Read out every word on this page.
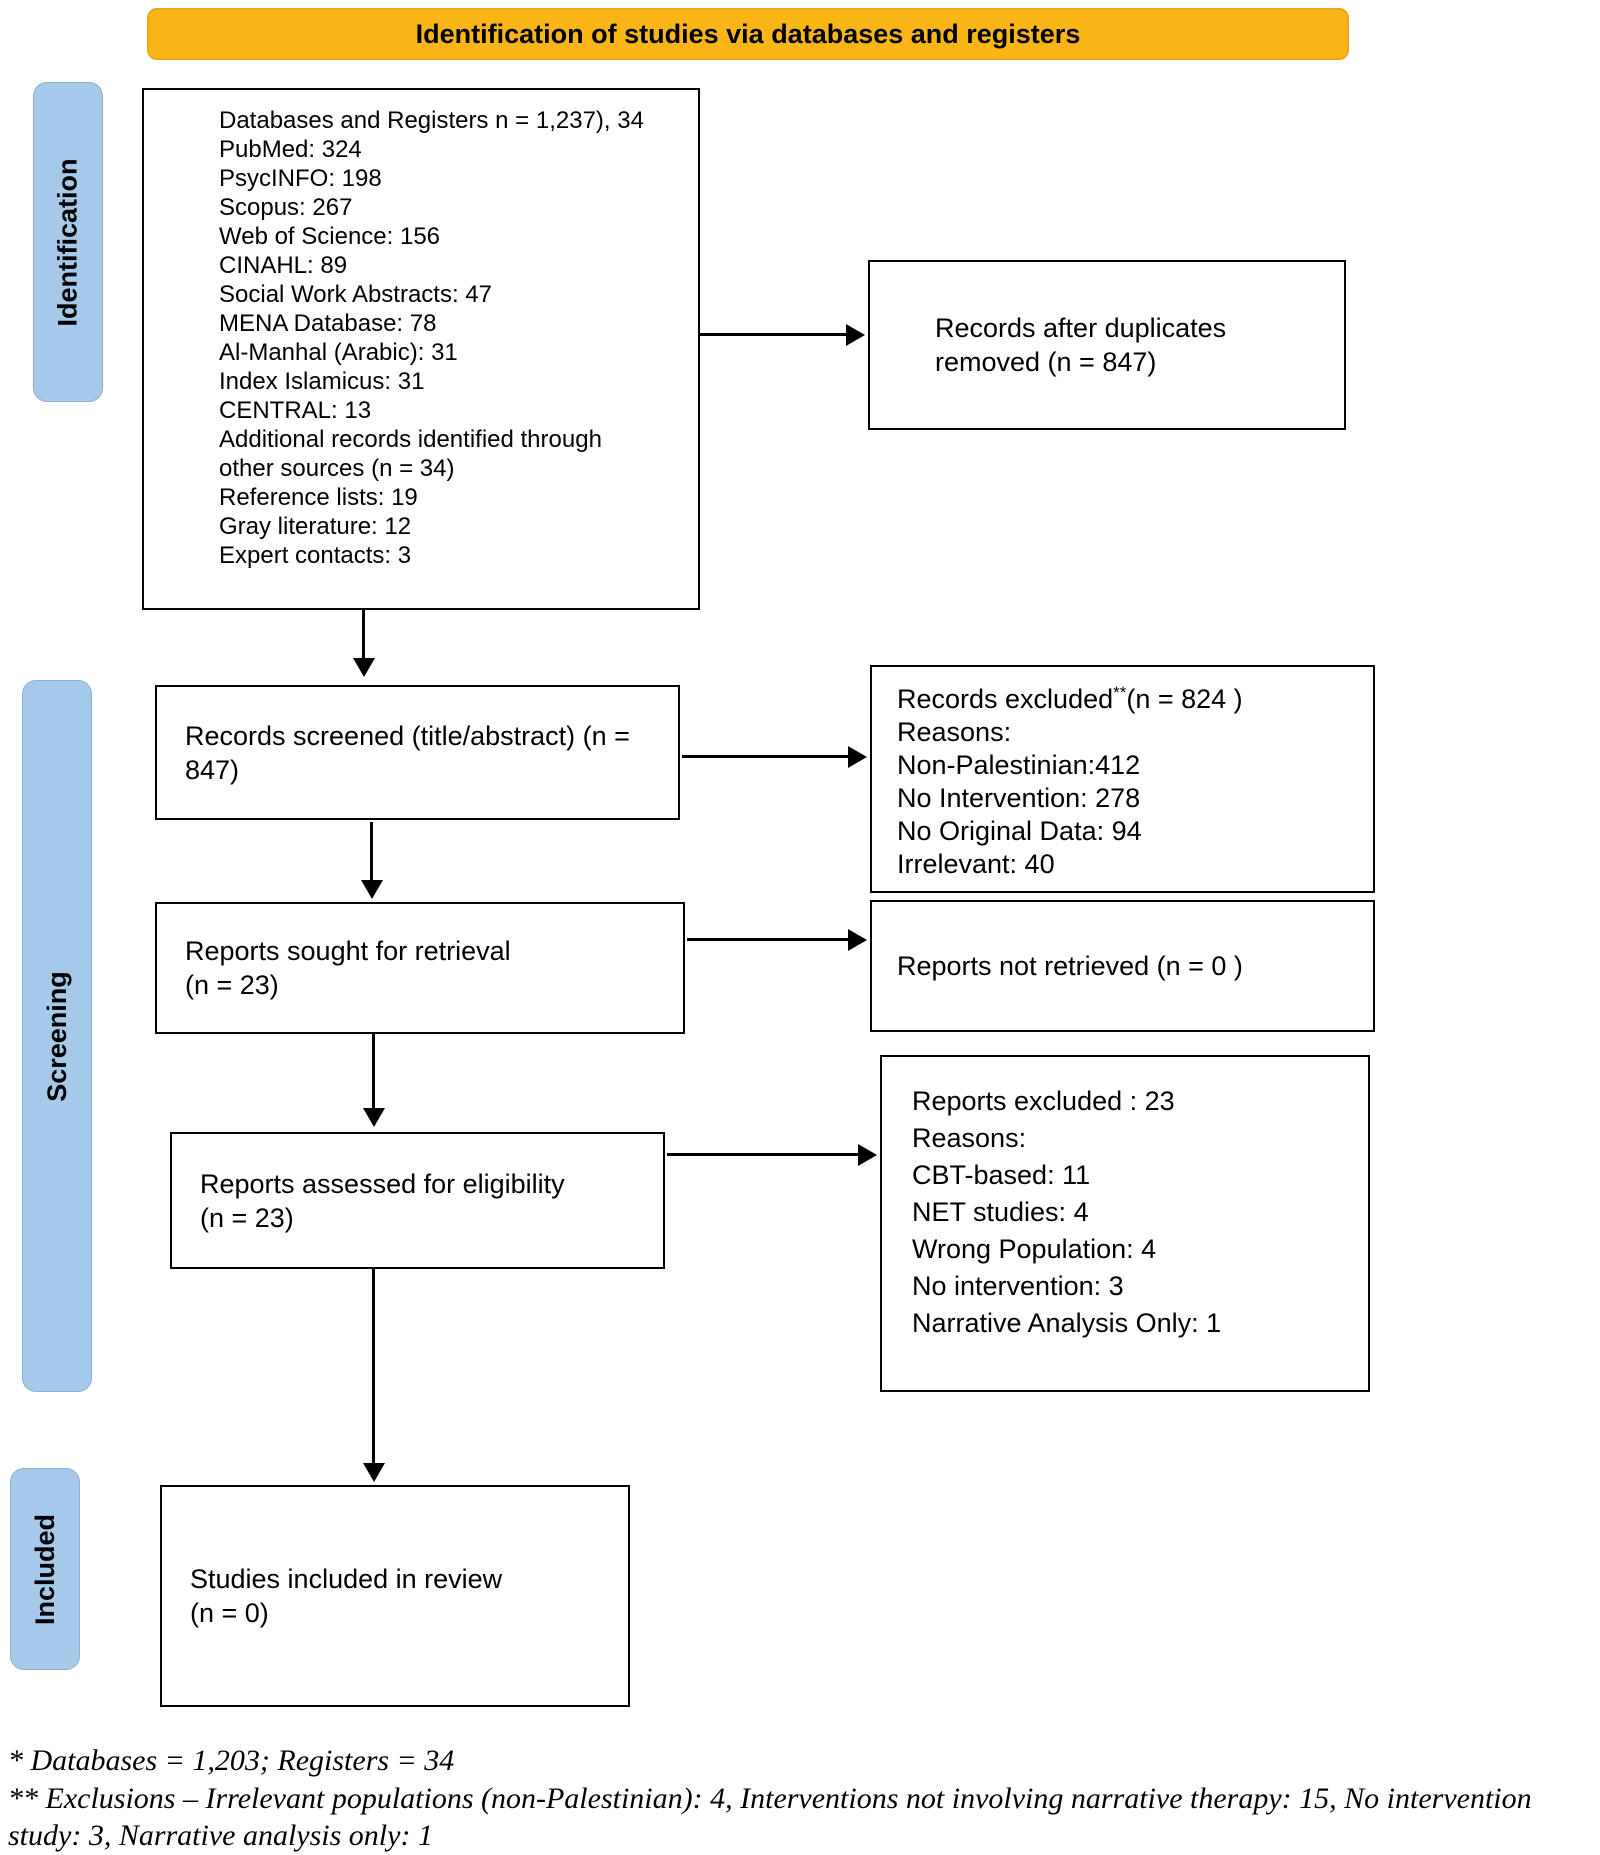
Identification of studies via databases and registers
Identification
Screening
Included
Databases and Registers n = 1,237), 34
PubMed: 324
PsycINFO: 198
Scopus: 267
Web of Science: 156
CINAHL: 89
Social Work Abstracts: 47
MENA Database: 78
Al-Manhal (Arabic): 31
Index Islamicus: 31
CENTRAL: 13
Additional records identified through
other sources (n = 34)
Reference lists: 19
Gray literature: 12
Expert contacts: 3
Records after duplicates
removed (n = 847)
Records screened (title/abstract) (n =
847)
Records excluded**(n = 824 )
Reasons:
Non-Palestinian:412
No Intervention: 278
No Original Data: 94
Irrelevant: 40
Reports sought for retrieval
(n = 23)
Reports not retrieved (n = 0 )
Reports assessed for eligibility
(n = 23)
Reports excluded : 23
Reasons:
CBT-based: 11
NET studies: 4
Wrong Population: 4
No intervention: 3
Narrative Analysis Only: 1
Studies included in review
(n = 0)
* Databases = 1,203; Registers = 34
** Exclusions – Irrelevant populations (non-Palestinian): 4, Interventions not involving narrative therapy: 15, No intervention study: 3, Narrative analysis only: 1
